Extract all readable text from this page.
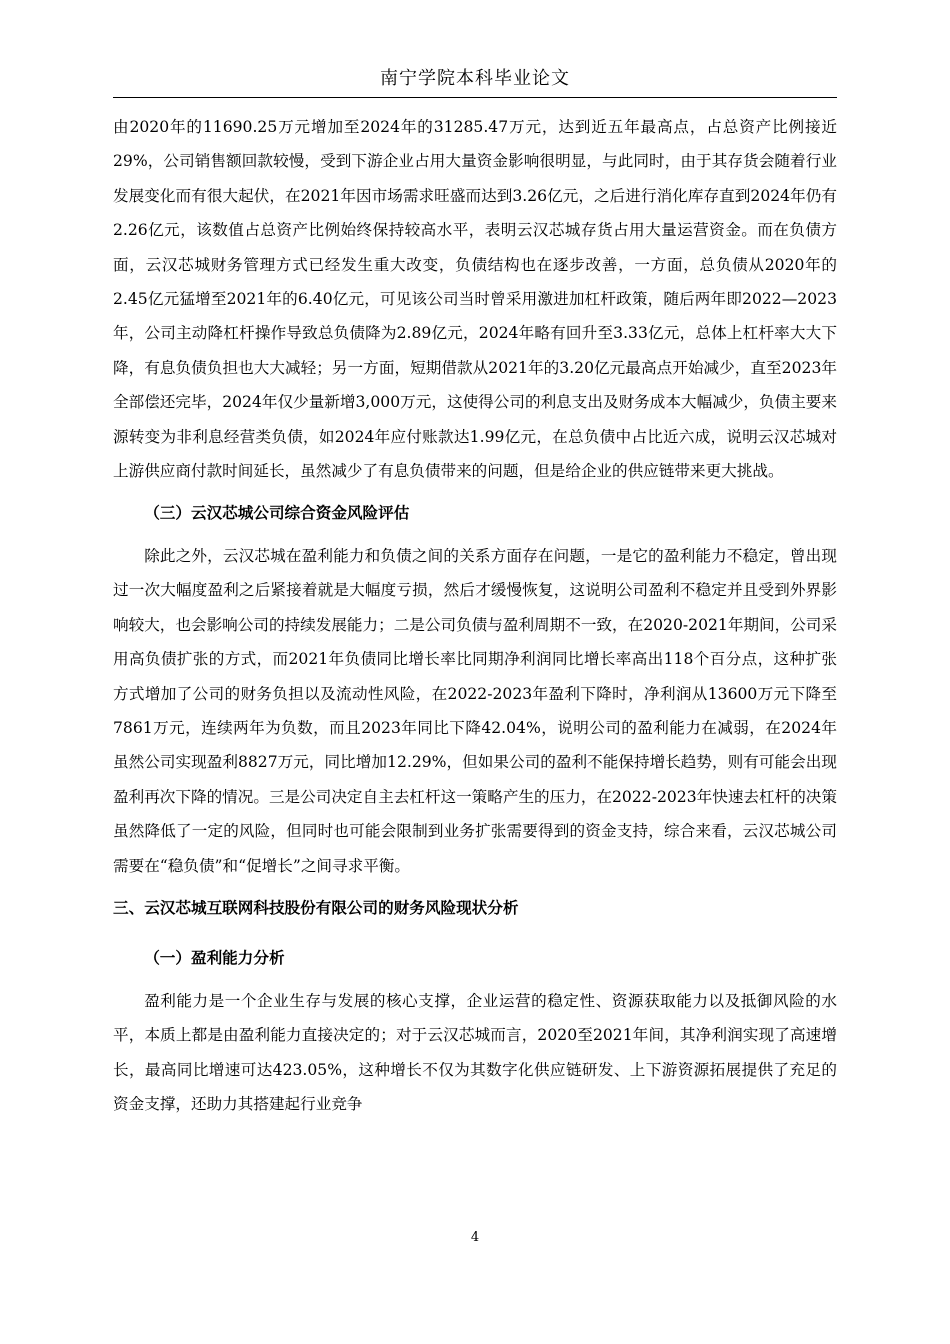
南宁学院本科毕业论文

由2020年的11690.25万元增加至2024年的31285.47万元，达到近五年最高点，占总资产比例接近29%，公司销售额回款较慢，受到下游企业占用大量资金影响很明显，与此同时，由于其存货会随着行业发展变化而有很大起伏，在2021年因市场需求旺盛而达到3.26亿元，之后进行消化库存直到2024年仍有2.26亿元，该数值占总资产比例始终保持较高水平，表明云汉芯城存货占用大量运营资金。而在负债方面，云汉芯城财务管理方式已经发生重大改变，负债结构也在逐步改善，一方面，总负债从2020年的2.45亿元猛增至2021年的6.40亿元，可见该公司当时曾采用激进加杠杆政策，随后两年即2022—2023年，公司主动降杠杆操作导致总负债降为2.89亿元，2024年略有回升至3.33亿元，总体上杠杆率大大下降，有息负债负担也大大减轻；另一方面，短期借款从2021年的3.20亿元最高点开始减少，直至2023年全部偿还完毕，2024年仅少量新增3,000万元，这使得公司的利息支出及财务成本大幅减少，负债主要来源转变为非利息经营类负债，如2024年应付账款达1.99亿元，在总负债中占比近六成，说明云汉芯城对上游供应商付款时间延长，虽然减少了有息负债带来的问题，但是给企业的供应链带来更大挑战。

（三）云汉芯城公司综合资金风险评估

除此之外，云汉芯城在盈利能力和负债之间的关系方面存在问题，一是它的盈利能力不稳定，曾出现过一次大幅度盈利之后紧接着就是大幅度亏损，然后才缓慢恢复，这说明公司盈利不稳定并且受到外界影响较大，也会影响公司的持续发展能力；二是公司负债与盈利周期不一致，在2020-2021年期间，公司采用高负债扩张的方式，而2021年负债同比增长率比同期净利润同比增长率高出118个百分点，这种扩张方式增加了公司的财务负担以及流动性风险，在2022-2023年盈利下降时，净利润从13600万元下降至7861万元，连续两年为负数，而且2023年同比下降42.04%，说明公司的盈利能力在减弱，在2024年虽然公司实现盈利8827万元，同比增加12.29%，但如果公司的盈利不能保持增长趋势，则有可能会出现盈利再次下降的情况。三是公司决定自主去杠杆这一策略产生的压力，在2022-2023年快速去杠杆的决策虽然降低了一定的风险，但同时也可能会限制到业务扩张需要得到的资金支持，综合来看，云汉芯城公司需要在“稳负债”和“促增长”之间寻求平衡。

三、云汉芯城互联网科技股份有限公司的财务风险现状分析
（一）盈利能力分析

盈利能力是一个企业生存与发展的核心支撑，企业运营的稳定性、资源获取能力以及抵御风险的水平，本质上都是由盈利能力直接决定的；对于云汉芯城而言，2020至2021年间，其净利润实现了高速增长，最高同比增速可达423.05%，这种增长不仅为其数字化供应链研发、上下游资源拓展提供了充足的资金支撑，还助力其搭建起行业竞争

4
